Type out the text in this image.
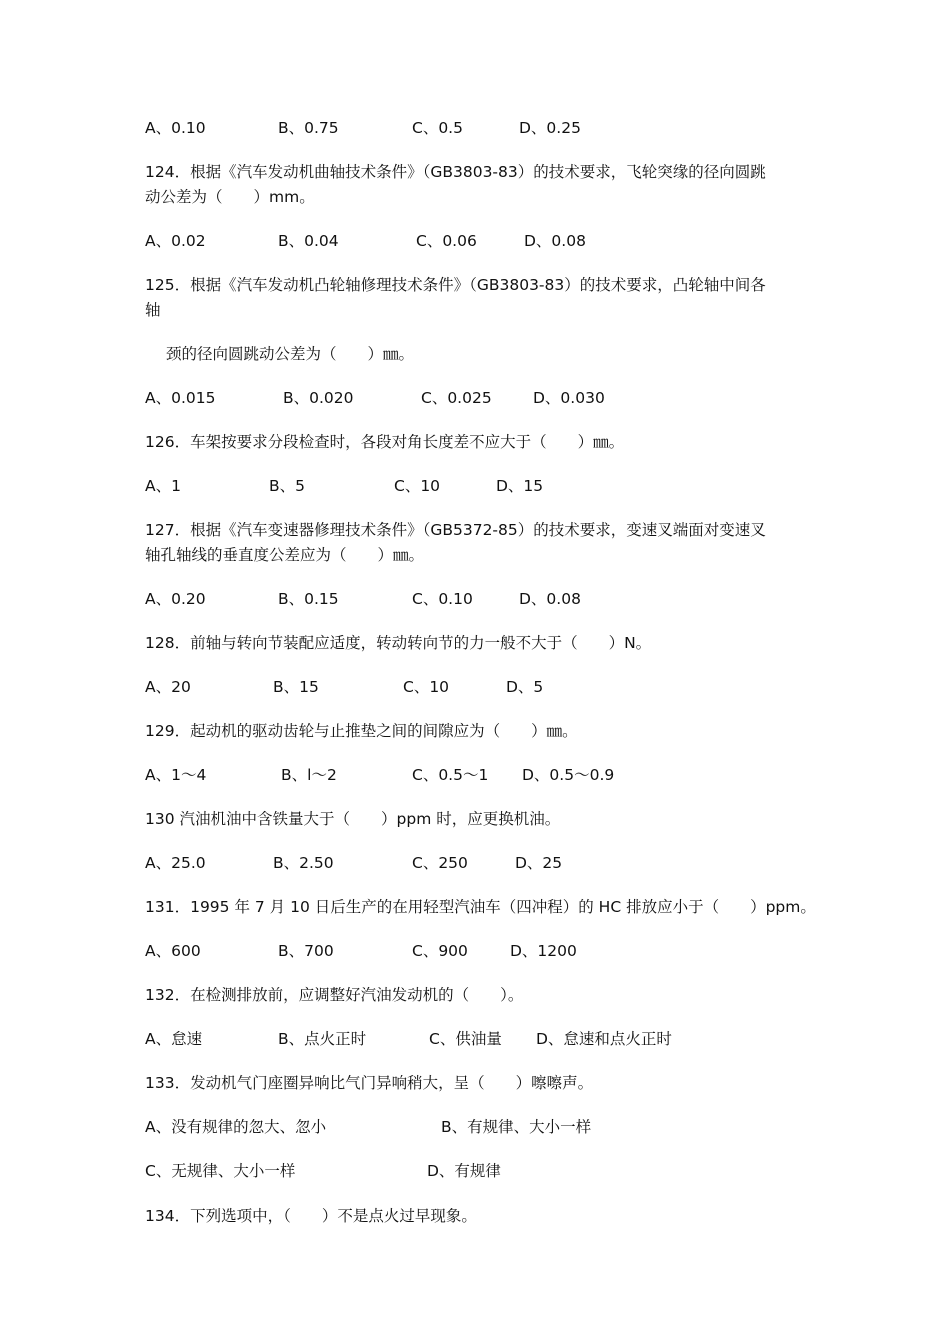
A、0.10	B、0.75	C、0.5	D、0.25
124．根据《汽车发动机曲轴技术条件》（GB3803-83）的技术要求，飞轮突缘的径向圆跳
动公差为（　　）mm。
A、0.02	B、0.04	C、0.06	D、0.08
125．根据《汽车发动机凸轮轴修理技术条件》（GB3803-83）的技术要求，凸轮轴中间各
轴
颈的径向圆跳动公差为（　　）㎜。
A、0.015	B、0.020	C、0.025	D、0.030
126．车架按要求分段检查时，各段对角长度差不应大于（　　）㎜。
A、1	B、5	C、10	D、15
127．根据《汽车变速器修理技术条件》（GB5372-85）的技术要求，变速叉端面对变速叉
轴孔轴线的垂直度公差应为（　　）㎜。
A、0.20	B、0.15	C、0.10	D、0.08
128．前轴与转向节装配应适度，转动转向节的力一般不大于（　　）N。
A、20	B、15	C、10	D、5
129．起动机的驱动齿轮与止推垫之间的间隙应为（　　）㎜。
A、1～4	B、l～2	C、0.5～1 D、0.5～0.9
130 汽油机油中含铁量大于（　　）ppm 时，应更换机油。
A、25.0	B、2.50	C、250	D、25
131．1995 年 7 月 10 日后生产的在用轻型汽油车（四冲程）的 HC 排放应小于（　　）ppm。
A、600	B、700	C、900	D、1200
132．在检测排放前，应调整好汽油发动机的（　　）。
A、怠速	B、点火正时	C、供油量 D、怠速和点火正时
133．发动机气门座圈异响比气门异响稍大，呈（　　）嚓嚓声。
A、没有规律的忽大、忽小	B、有规律、大小一样
C、无规律、大小一样	D、有规律
134．下列选项中，（　　）不是点火过早现象。
